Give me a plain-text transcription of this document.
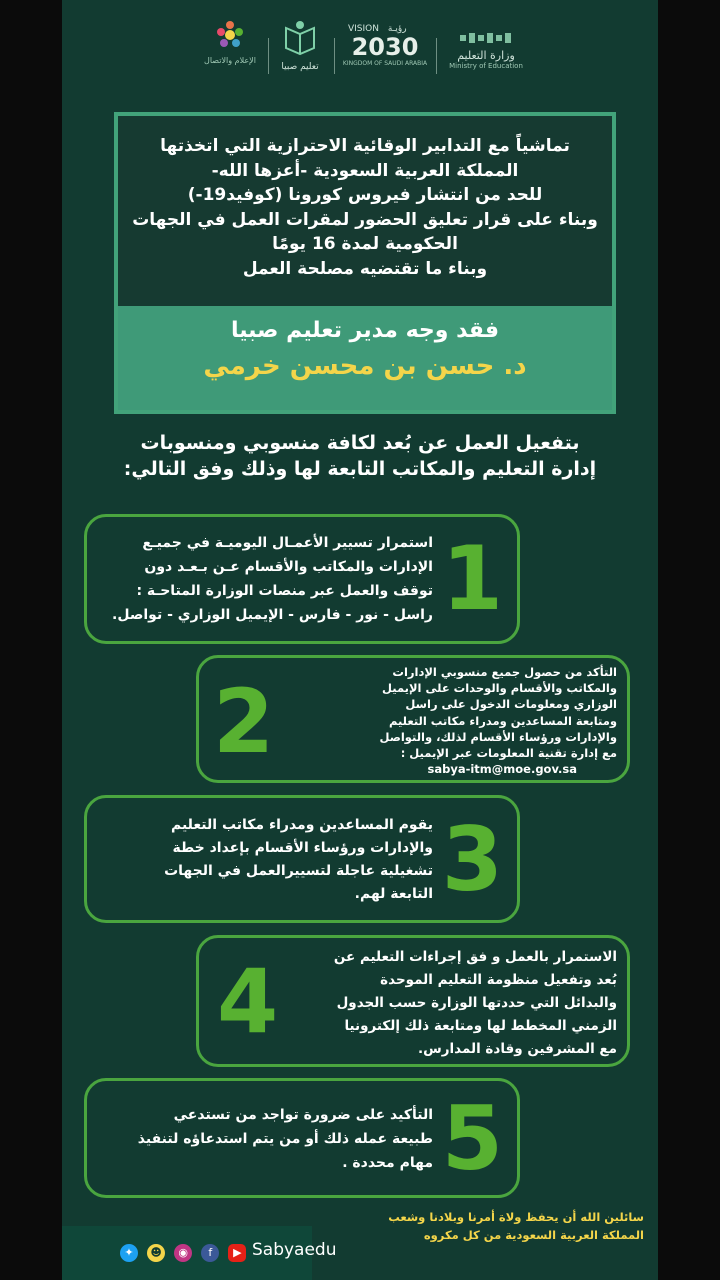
الإعلام والاتصال
تعليم صبيا
VISION رؤيـة
2030
KINGDOM OF SAUDI ARABIA
وزارة التعليم
Ministry of Education
تماشياً مع التدابير الوقائية الاحترازية التي اتخذتها
المملكة العربية السعودية -أعزها الله-
للحد من انتشار فيروس كورونا (كوفيد19-)
وبناء على قرار تعليق الحضور لمقرات العمل في الجهات
الحكومية لمدة 16 يومًا
وبناء ما تقتضيه مصلحة العمل
فقد وجه مدير تعليم صبيا
د. حسن بن محسن خرمي
بتفعيل العمل عن بُعد لكافة منسوبي ومنسوبات
إدارة التعليم والمكاتب التابعة لها وذلك وفق التالي:
1
استمرار تسيير الأعمـال اليوميـة في جميـع
الإدارات والمكاتب والأقسام عـن بـعـد دون
توقف والعمل عبر منصات الوزارة المتاحـة :
راسل - نور - فارس - الإيميل الوزاري - تواصل.
2	التأكد من حصول جميع منسوبي الإدارات
والمكاتب والأقسام والوحدات على الإيميل
الوزاري ومعلومات الدخول على راسل
ومتابعة المساعدين ومدراء مكاتب التعليم
والإدارات ورؤساء الأقسام لذلك، والتواصل
مع إدارة تقنية المعلومات عبر الإيميل :
sabya-itm@moe.gov.sa
3
يقوم المساعدين ومدراء مكاتب التعليم
والإدارات ورؤساء الأقسام بإعداد خطة
تشغيلية عاجلة لتسييرالعمل في الجهات
التابعة لهم.
4	الاستمرار بالعمل و فق إجراءات التعليم عن
بُعد وتفعيل منظومة التعليم الموحدة
والبدائل التي حددتها الوزارة حسب الجدول
الزمني المخطط لها ومتابعة ذلك إلكترونيا
مع المشرفين وقادة المدارس.
5
التأكيد على ضرورة تواجد من تستدعي
طبيعة عمله ذلك أو من يتم استدعاؤه لتنفيذ
مهام محددة .
سائلين الله أن يحفظ ولاة أمرنا وبلادنا وشعب
المملكة العربية السعودية من كل مكروه
✦ ☻ ◉ f ▶ Sabyaedu
